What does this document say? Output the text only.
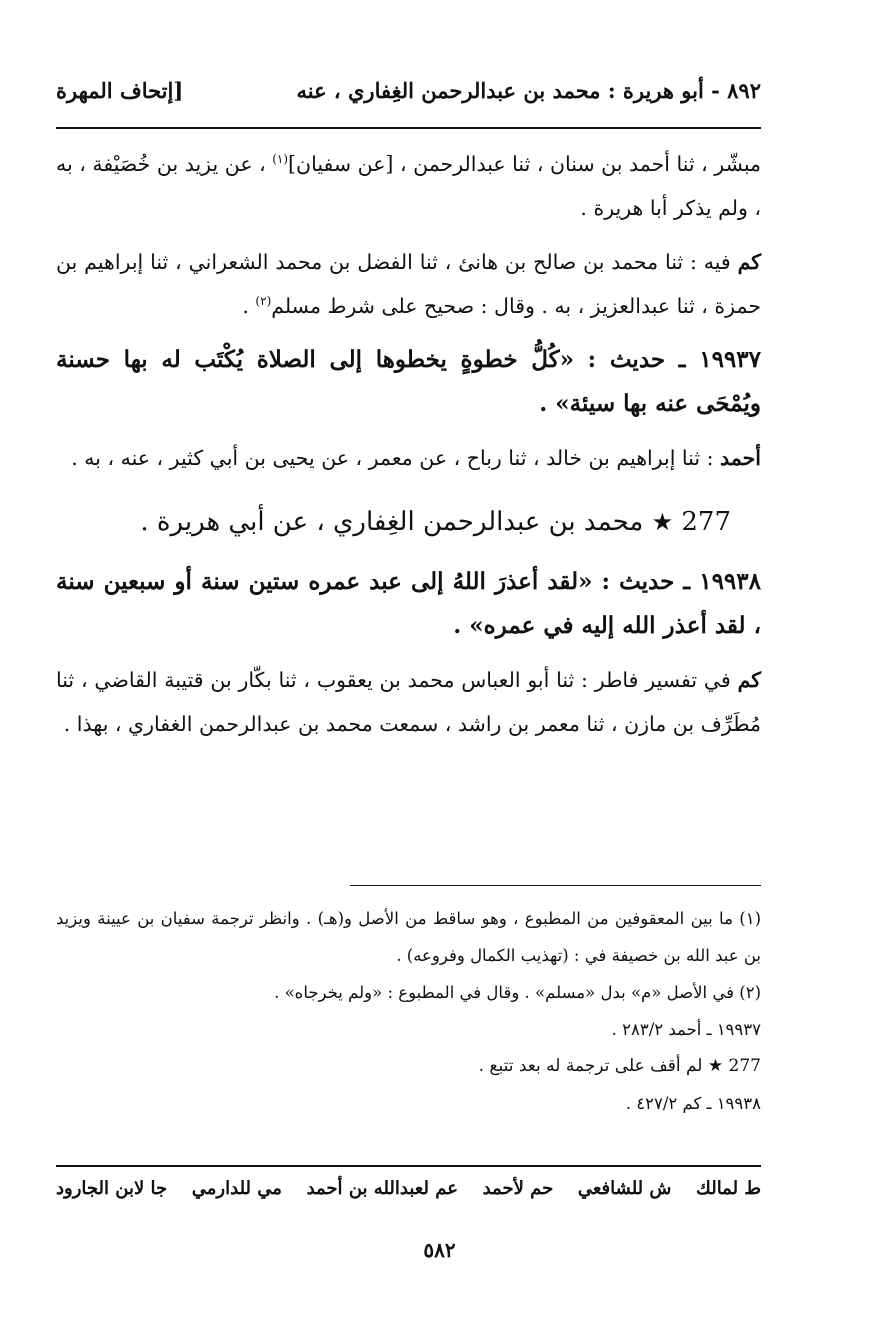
٨٩٢ - أبو هريرة : محمد بن عبدالرحمن الغِفاري ، عنه
[إتحاف المهرة

مبشّر ، ثنا أحمد بن سنان ، ثنا عبدالرحمن ، [عن سفيان]$^{(١)}$ ، عن يزيد بن خُصَيْفة ، به ، ولم يذكر أبا هريرة .

كم فيه : ثنا محمد بن صالح بن هانئ ، ثنا الفضل بن محمد الشعراني ، ثنا إبراهيم بن حمزة ، ثنا عبدالعزيز ، به . وقال : صحيح على شرط مسلم$^{(٢)}$ .

١٩٩٣٧ ـ حديث : «كُلُّ خطوةٍ يخطوها إلى الصلاة يُكْتَب له بها حسنة ويُمْحَى عنه بها سيئة» .

أحمد : ثنا إبراهيم بن خالد ، ثنا رباح ، عن معمر ، عن يحيى بن أبي كثير ، عنه ، به .

277 ★ محمد بن عبدالرحمن الغِفاري ، عن أبي هريرة .

١٩٩٣٨ ـ حديث : «لقد أعذرَ اللهُ إلى عبد عمره ستين سنة أو سبعين سنة ، لقد أعذر الله إليه في عمره» .

كم في تفسير فاطر : ثنا أبو العباس محمد بن يعقوب ، ثنا بكّار بن قتيبة القاضي ، ثنا مُطَرِّف بن مازن ، ثنا معمر بن راشد ، سمعت محمد بن عبدالرحمن الغفاري ، بهذا .

(١) ما بين المعقوفين من المطبوع ، وهو ساقط من الأصل و(هـ) . وانظر ترجمة سفيان بن عيينة ويزيد بن عبد الله بن خصيفة في : (تهذيب الكمال وفروعه) .

(٢) في الأصل «م» بدل «مسلم» . وقال في المطبوع : «ولم يخرجاه» .

١٩٩٣٧ ـ أحمد ٢٨٣/٢ .

277 ★ لم أقف على ترجمة له بعد تتبع .

١٩٩٣٨ ـ كم ٤٢٧/٢ .

ط لمالك
ش للشافعي
حم لأحمد
عم لعبدالله بن أحمد
مي للدارمي
جا لابن الجارود
٥٨٢
